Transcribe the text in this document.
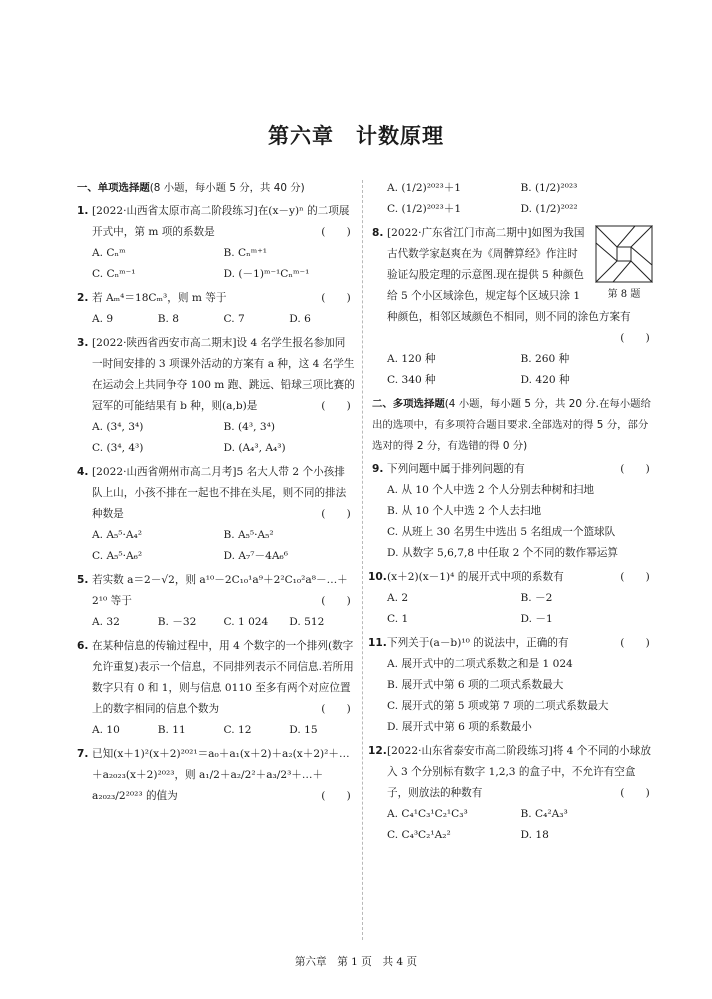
第六章　计数原理
一、单项选择题(8 小题，每小题 5 分，共 40 分)
1. [2022·山西省太原市高二阶段练习]在(x－y)ⁿ 的二项展开式中，第 m 项的系数是	(　　)
A. Cₙᵐ	B. Cₙᵐ⁺¹
C. Cₙᵐ⁻¹	D. (－1)ᵐ⁻¹Cₙᵐ⁻¹
2. 若 Aₘ⁴＝18Cₘ³，则 m 等于	(　　)
A. 9	B. 8	C. 7	D. 6
3. [2022·陕西省西安市高二期末]设 4 名学生报名参加同一时间安排的 3 项课外活动的方案有 a 种，这 4 名学生在运动会上共同争夺 100 m 跑、跳远、铅球三项比赛的冠军的可能结果有 b 种，则(a,b)是	(　　)
A. (3⁴, 3⁴)	B. (4³, 3⁴)
C. (3⁴, 4³)	D. (A₄³, A₄³)
4. [2022·山西省朔州市高二月考]5 名大人带 2 个小孩排队上山，小孩不排在一起也不排在头尾，则不同的排法种数是	(　　)
A. A₅⁵·A₄²	B. A₅⁵·A₅²
C. A₅⁵·A₆²	D. A₇⁷－4A₆⁶
5. 若实数 a＝2－√2，则 a¹⁰－2C₁₀¹a⁹＋2²C₁₀²a⁸－…＋2¹⁰ 等于	(　　)
A. 32	B. －32	C. 1 024	D. 512
6. 在某种信息的传输过程中，用 4 个数字的一个排列(数字允许重复)表示一个信息，不同排列表示不同信息.若所用数字只有 0 和 1，则与信息 0110 至多有两个对应位置上的数字相同的信息个数为	(　　)
A. 10	B. 11	C. 12	D. 15
7. 已知(x＋1)²(x＋2)²⁰²¹＝a₀＋a₁(x＋2)＋a₂(x＋2)²＋…＋a₂₀₂₃(x＋2)²⁰²³，则 a₁/2＋a₂/2²＋a₃/2³＋…＋a₂₀₂₃/2²⁰²³ 的值为	(　　)
A. (1/2)²⁰²³＋1	B. (1/2)²⁰²³
C. (1/2)²⁰²³＋1	D. (1/2)²⁰²²
8.
第 8 题
[2022·广东省江门市高二期中]如图为我国古代数学家赵爽在为《周髀算经》作注时验证勾股定理的示意图.现在提供 5 种颜色给 5 个小区域涂色，规定每个区域只涂 1 种颜色，相邻区域颜色不相同，则不同的涂色方案有
(　　)
A. 120 种	B. 260 种
C. 340 种	D. 420 种
二、多项选择题(4 小题，每小题 5 分，共 20 分.在每小题给出的选项中，有多项符合题目要求.全部选对的得 5 分，部分选对的得 2 分，有选错的得 0 分)
9. 下列问题中属于排列问题的有	(　　)
A. 从 10 个人中选 2 个人分别去种树和扫地
B. 从 10 个人中选 2 个人去扫地
C. 从班上 30 名男生中选出 5 名组成一个篮球队
D. 从数字 5,6,7,8 中任取 2 个不同的数作幂运算
10. (x＋2)(x－1)⁴ 的展开式中项的系数有	(　　)
A. 2	B. －2
C. 1	D. －1
11. 下列关于(a－b)¹⁰ 的说法中，正确的有	(　　)
A. 展开式中的二项式系数之和是 1 024
B. 展开式中第 6 项的二项式系数最大
C. 展开式的第 5 项或第 7 项的二项式系数最大
D. 展开式中第 6 项的系数最小
12. [2022·山东省泰安市高二阶段练习]将 4 个不同的小球放入 3 个分别标有数字 1,2,3 的盒子中，不允许有空盒子，则放法的种数有	(　　)
A. C₄¹C₃¹C₂¹C₃³	B. C₄²A₃³
C. C₄³C₂¹A₂²	D. 18
第六章　第 1 页　共 4 页
